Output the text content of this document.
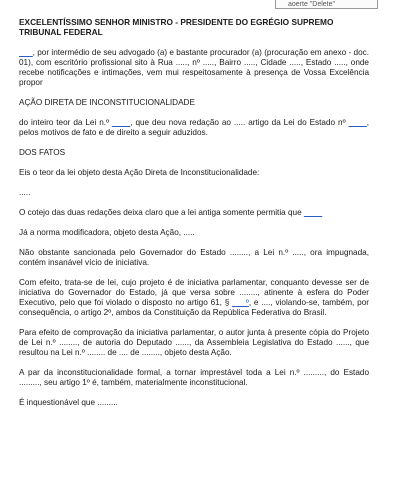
aoerte "Delete"
EXCELENTÍSSIMO SENHOR MINISTRO - PRESIDENTE DO EGRÉGIO SUPREMO
TRIBUNAL FEDERAL

___, por intermédio de seu advogado (a) e bastante procurador (a) (procuração em anexo - doc. 01), com escritório profissional sito à Rua ....., nº ....., Bairro ....., Cidade ....., Estado ....., onde recebe notificações e intimações, vem mui respeitosamente à presença de Vossa Excelência propor

AÇÃO DIRETA DE INCONSTITUCIONALIDADE

do inteiro teor da Lei n.º ____, que deu nova redação ao ..... artigo da Lei do Estado nº ____, pelos motivos de fato e de direito a seguir aduzidos.

DOS FATOS

Eis o teor da lei objeto desta Ação Direta de Inconstitucionalidade:

.....

O cotejo das duas redações deixa claro que a lei antiga somente permitia que ____

Já a norma modificadora, objeto desta Ação, .....

Não obstante sancionada pelo Governador do Estado ........, a Lei n.º ....., ora impugnada, contém insanável vício de iniciativa.

Com efeito, trata-se de lei, cujo projeto é de iniciativa parlamentar, conquanto devesse ser de iniciativa do Governador do Estado, já que versa sobre ........, atinente à esfera do Poder Executivo, pelo que foi violado o disposto no artigo 61, § ___º, e ...., violando-se, também, por consequência, o artigo 2º, ambos da Constituição da República Federativa do Brasil.

Para efeito de comprovação da iniciativa parlamentar, o autor junta à presente cópia do Projeto de Lei n.º ........, de autoria do Deputado ......, da Assembleia Legislativa do Estado ......, que resultou na Lei n.º ........ de .... de ........, objeto desta Ação.

A par da inconstitucionalidade formal, a tornar imprestável toda a Lei n.º ........., do Estado ........., seu artigo 1º é, também, materialmente inconstitucional.

É inquestionável que .........
